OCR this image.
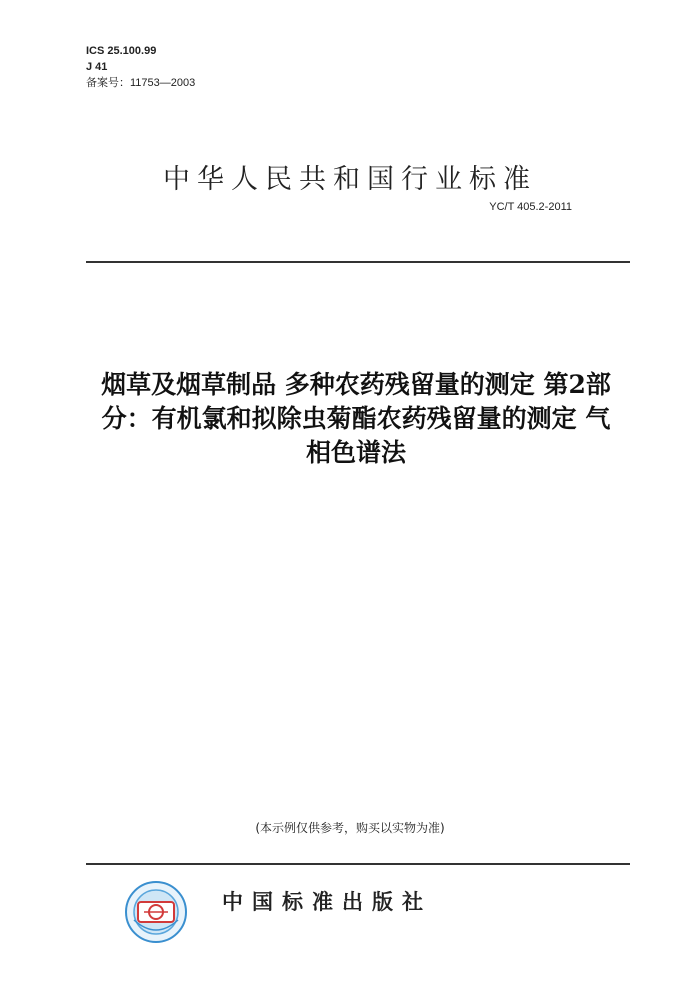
ICS 25.100.99
J 41
备案号：11753—2003
中华人民共和国行业标准
YC/T 405.2-2011
烟草及烟草制品 多种农药残留量的测定 第2部
分：有机氯和拟除虫菊酯农药残留量的测定 气
相色谱法
(本示例仅供参考，购买以实物为准)
中国标准出版社
